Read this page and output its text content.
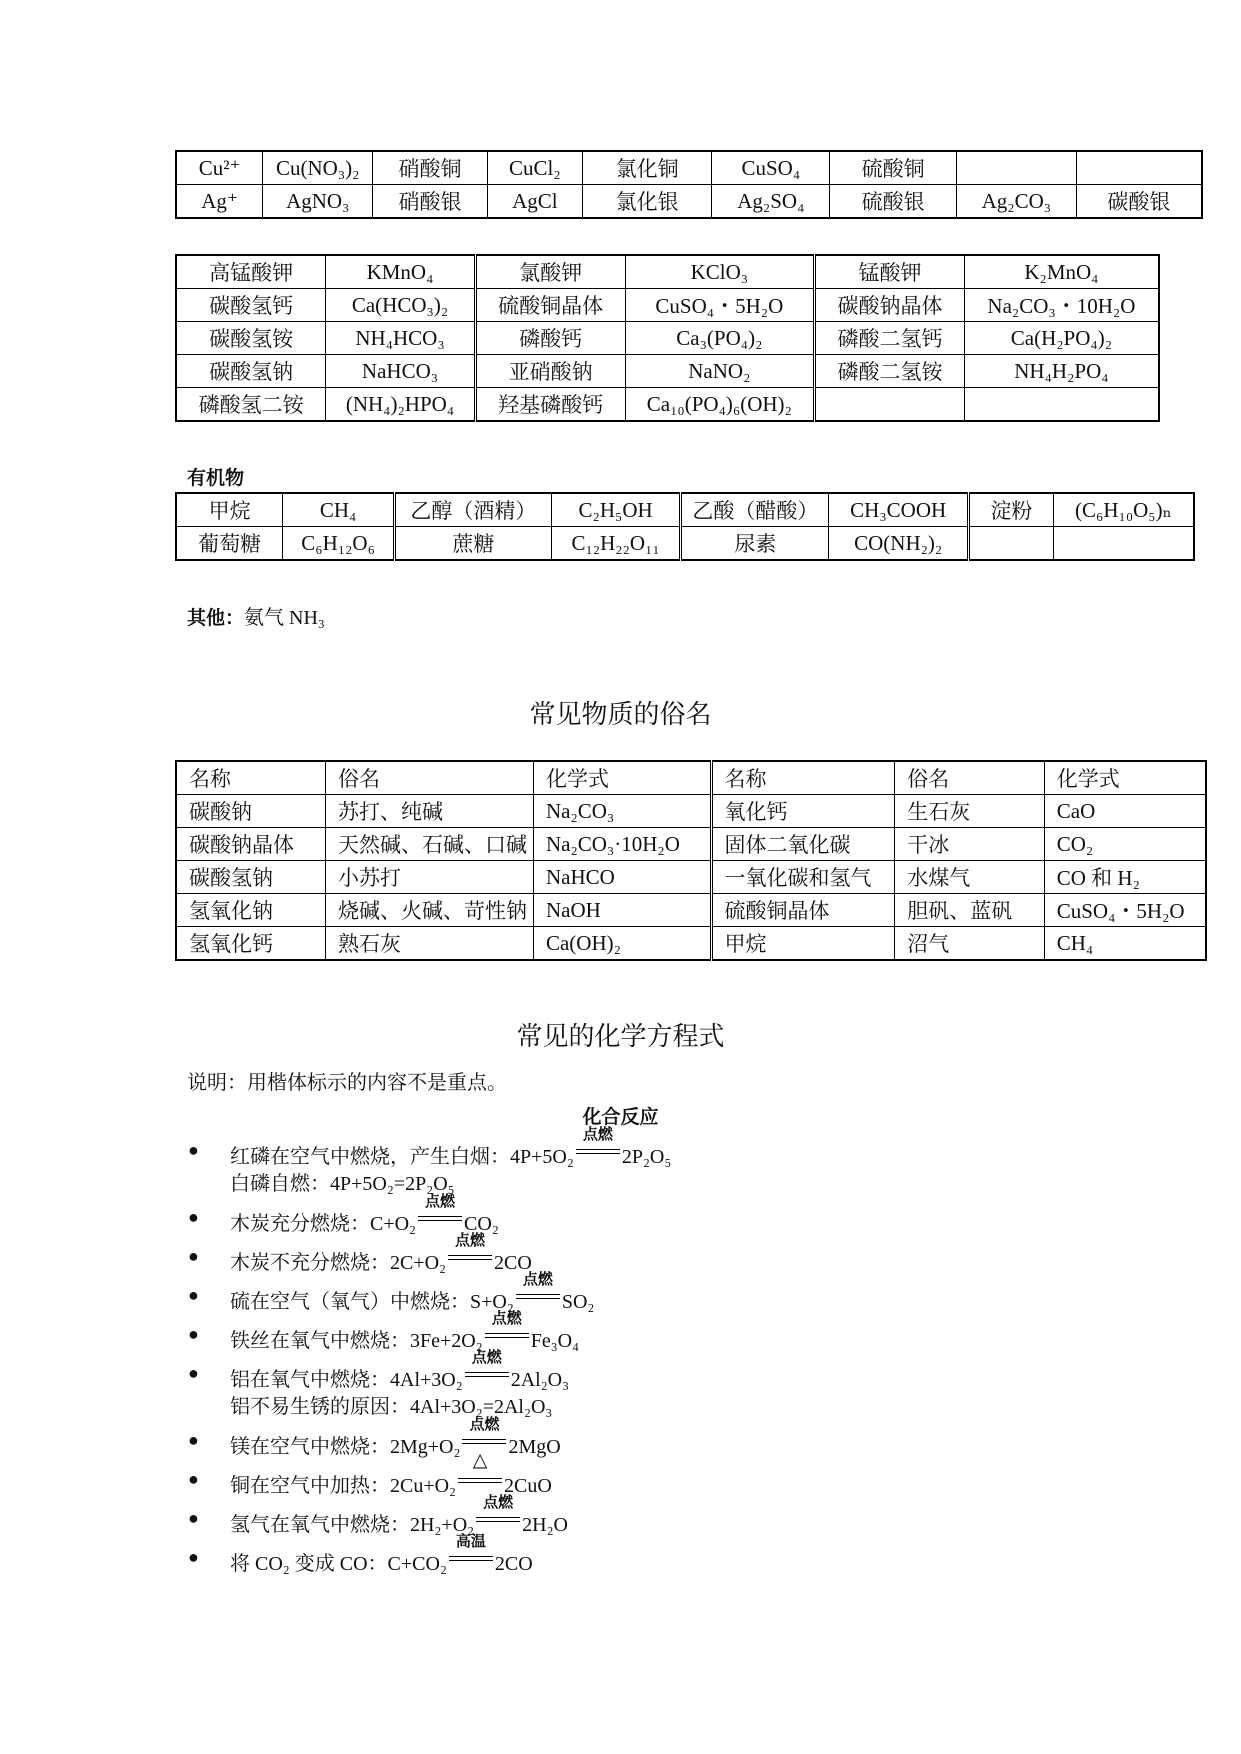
Cu²⁺	Cu(NO₃)₂	硝酸铜	CuCl₂	氯化铜	CuSO₄	硫酸铜		
Ag⁺	AgNO₃	硝酸银	AgCl	氯化银	Ag₂SO₄	硫酸银	Ag₂CO₃	碳酸银
高锰酸钾	KMnO₄	氯酸钾	KClO₃	锰酸钾	K₂MnO₄
碳酸氢钙	Ca(HCO₃)₂	硫酸铜晶体	CuSO₄・5H₂O	碳酸钠晶体	Na₂CO₃・10H₂O
碳酸氢铵	NH₄HCO₃	磷酸钙	Ca₃(PO₄)₂	磷酸二氢钙	Ca(H₂PO₄)₂
碳酸氢钠	NaHCO₃	亚硝酸钠	NaNO₂	磷酸二氢铵	NH₄H₂PO₄
磷酸氢二铵	(NH₄)₂HPO₄	羟基磷酸钙	Ca₁₀(PO₄)₆(OH)₂		
有机物
甲烷	CH₄	乙醇（酒精）	C₂H₅OH	乙酸（醋酸）	CH₃COOH	淀粉	(C₆H₁₀O₅)ₙ
葡萄糖	C₆H₁₂O₆	蔗糖	C₁₂H₂₂O₁₁	尿素	CO(NH₂)₂		
其他：氨气 NH₃
常见物质的俗名
名称	俗名	化学式	名称	俗名	化学式
碳酸钠	苏打、纯碱	Na₂CO₃	氧化钙	生石灰	CaO
碳酸钠晶体	天然碱、石碱、口碱	Na₂CO₃·10H₂O	固体二氧化碳	干冰	CO₂
碳酸氢钠	小苏打	NaHCO	一氧化碳和氢气	水煤气	CO 和 H₂
氢氧化钠	烧碱、火碱、苛性钠	NaOH	硫酸铜晶体	胆矾、蓝矾	CuSO₄・5H₂O
氢氧化钙	熟石灰	Ca(OH)₂	甲烷	沼气	CH₄
常见的化学方程式
说明：用楷体标示的内容不是重点。
化合反应
● 红磷在空气中燃烧，产生白烟：4P+5O₂
点燃
2P₂O₅
白磷自燃：4P+5O₂=2P₂O₅
● 木炭充分燃烧：C+O₂
点燃
CO₂
● 木炭不充分燃烧：2C+O₂
点燃
2CO
● 硫在空气（氧气）中燃烧：S+O₂
点燃
SO₂
● 铁丝在氧气中燃烧：3Fe+2O₂
点燃
Fe₃O₄
● 铝在氧气中燃烧：4Al+3O₂
点燃
2Al₂O₃
铝不易生锈的原因：4Al+3O₂=2Al₂O₃
● 镁在空气中燃烧：2Mg+O₂
点燃
2MgO
● 铜在空气中加热：2Cu+O₂
△
2CuO
● 氢气在氧气中燃烧：2H₂+O₂
点燃
2H₂O
● 将 CO₂ 变成 CO：C+CO₂
高温
2CO
